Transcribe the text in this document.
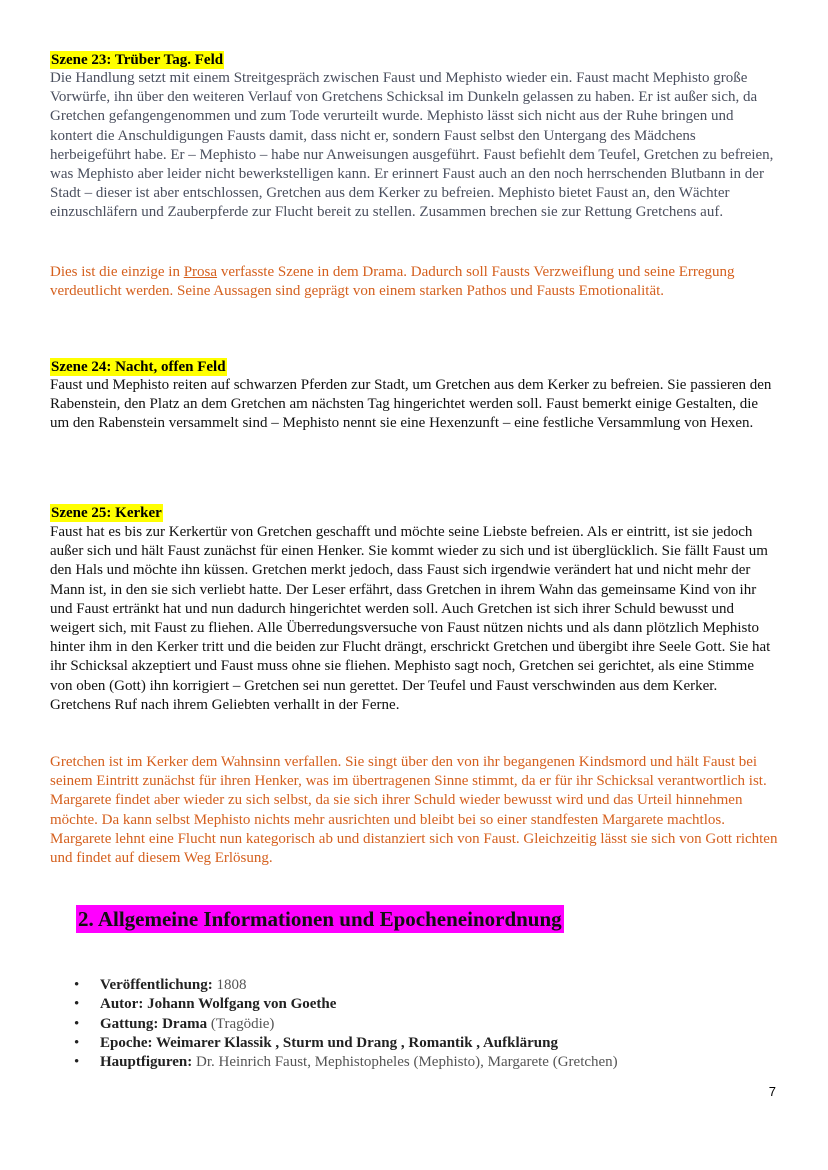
Szene 23: Trüber Tag. Feld

Die Handlung setzt mit einem Streitgespräch zwischen Faust und Mephisto wieder ein. Faust macht Mephisto große Vorwürfe, ihn über den weiteren Verlauf von Gretchens Schicksal im Dunkeln gelassen zu haben. Er ist außer sich, da Gretchen gefangengenommen und zum Tode verurteilt wurde. Mephisto lässt sich nicht aus der Ruhe bringen und kontert die Anschuldigungen Fausts damit, dass nicht er, sondern Faust selbst den Untergang des Mädchens herbeigeführt habe. Er – Mephisto – habe nur Anweisungen ausgeführt. Faust befiehlt dem Teufel, Gretchen zu befreien, was Mephisto aber leider nicht bewerkstelligen kann. Er erinnert Faust auch an den noch herrschenden Blutbann in der Stadt – dieser ist aber entschlossen, Gretchen aus dem Kerker zu befreien. Mephisto bietet Faust an, den Wächter einzuschläfern und Zauberpferde zur Flucht bereit zu stellen. Zusammen brechen sie zur Rettung Gretchens auf.

Dies ist die einzige in Prosa verfasste Szene in dem Drama. Dadurch soll Fausts Verzweiflung und seine Erregung verdeutlicht werden. Seine Aussagen sind geprägt von einem starken Pathos und Fausts Emotionalität.

Szene 24: Nacht, offen Feld

Faust und Mephisto reiten auf schwarzen Pferden zur Stadt, um Gretchen aus dem Kerker zu befreien. Sie passieren den Rabenstein, den Platz an dem Gretchen am nächsten Tag hingerichtet werden soll. Faust bemerkt einige Gestalten, die um den Rabenstein versammelt sind – Mephisto nennt sie eine Hexenzunft – eine festliche Versammlung von Hexen.

Szene 25: Kerker

Faust hat es bis zur Kerkertür von Gretchen geschafft und möchte seine Liebste befreien. Als er eintritt, ist sie jedoch außer sich und hält Faust zunächst für einen Henker. Sie kommt wieder zu sich und ist überglücklich. Sie fällt Faust um den Hals und möchte ihn küssen. Gretchen merkt jedoch, dass Faust sich irgendwie verändert hat und nicht mehr der Mann ist, in den sie sich verliebt hatte. Der Leser erfährt, dass Gretchen in ihrem Wahn das gemeinsame Kind von ihr und Faust ertränkt hat und nun dadurch hingerichtet werden soll. Auch Gretchen ist sich ihrer Schuld bewusst und weigert sich, mit Faust zu fliehen. Alle Überredungsversuche von Faust nützen nichts und als dann plötzlich Mephisto hinter ihm in den Kerker tritt und die beiden zur Flucht drängt, erschrickt Gretchen und übergibt ihre Seele Gott. Sie hat ihr Schicksal akzeptiert und Faust muss ohne sie fliehen. Mephisto sagt noch, Gretchen sei gerichtet, als eine Stimme von oben (Gott) ihn korrigiert – Gretchen sei nun gerettet. Der Teufel und Faust verschwinden aus dem Kerker. Gretchens Ruf nach ihrem Geliebten verhallt in der Ferne.

Gretchen ist im Kerker dem Wahnsinn verfallen. Sie singt über den von ihr begangenen Kindsmord und hält Faust bei seinem Eintritt zunächst für ihren Henker, was im übertragenen Sinne stimmt, da er für ihr Schicksal verantwortlich ist. Margarete findet aber wieder zu sich selbst, da sie sich ihrer Schuld wieder bewusst wird und das Urteil hinnehmen möchte. Da kann selbst Mephisto nichts mehr ausrichten und bleibt bei so einer standfesten Margarete machtlos. Margarete lehnt eine Flucht nun kategorisch ab und distanziert sich von Faust. Gleichzeitig lässt sie sich von Gott richten und findet auf diesem Weg Erlösung.

2. Allgemeine Informationen und Epocheneinordnung
• Veröffentlichung: 1808
• Autor: Johann Wolfgang von Goethe
• Gattung: Drama (Tragödie)
• Epoche: Weimarer Klassik , Sturm und Drang , Romantik , Aufklärung
• Hauptfiguren: Dr. Heinrich Faust, Mephistopheles (Mephisto), Margarete (Gretchen)
7
